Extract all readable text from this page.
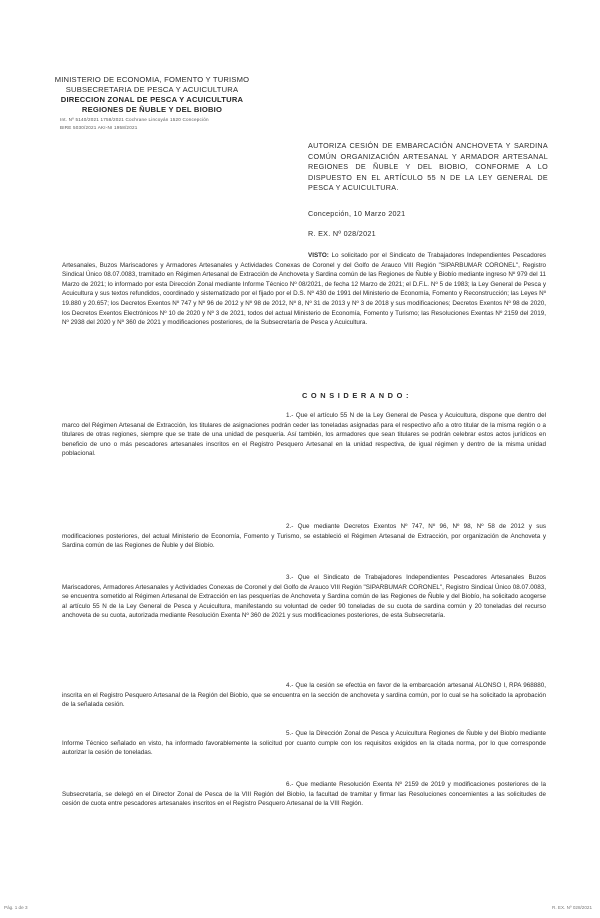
MINISTERIO DE ECONOMIA, FOMENTO Y TURISMO
SUBSECRETARIA DE PESCA Y ACUICULTURA
DIRECCION ZONAL DE PESCA Y ACUICULTURA
REGIONES DE ÑUBLE Y DEL BIOBIO
Int. Nº 5140/2021 1758/2021 Cochrane Lincoyán 1520 Concepción
BIRE 5030/2021 AKI-NI 1958/2021
AUTORIZA CESIÓN DE EMBARCACIÓN ANCHOVETA Y SARDINA COMÚN ORGANIZACIÓN ARTESANAL Y ARMADOR ARTESANAL REGIONES DE ÑUBLE Y DEL BIOBIO, CONFORME A LO DISPUESTO EN EL ARTÍCULO 55 N DE LA LEY GENERAL DE PESCA Y ACUICULTURA.
Concepción, 10 Marzo 2021
R. EX. Nº 028/2021
VISTO: Lo solicitado por el Sindicato de Trabajadores Independientes Pescadores Artesanales, Buzos Mariscadores y Armadores Artesanales y Actividades Conexas de Coronel y del Golfo de Arauco VIII Región "SIPARBUMAR CORONEL", Registro Sindical Único 08.07.0083, tramitado en Régimen Artesanal de Extracción de Anchoveta y Sardina común de las Regiones de Ñuble y Biobío mediante ingreso Nº 979 del 11 Marzo de 2021; lo informado por esta Dirección Zonal mediante Informe Técnico Nº 08/2021, de fecha 12 Marzo de 2021; el D.F.L. Nº 5 de 1983; la Ley General de Pesca y Acuicultura y sus textos refundidos, coordinado y sistematizado por el fijado por el D.S. Nº 430 de 1991 del Ministerio de Economía, Fomento y Reconstrucción; las Leyes Nº 19.880 y 20.657; los Decretos Exentos Nº 747 y Nº 96 de 2012 y Nº 98 de 2012, Nº 8, Nº 31 de 2013 y Nº 3 de 2018 y sus modificaciones; Decretos Exentos Nº 98 de 2020, los Decretos Exentos Electrónicos Nº 10 de 2020 y Nº 3 de 2021, todos del actual Ministerio de Economía, Fomento y Turismo; las Resoluciones Exentas Nº 2159 del 2019, Nº 2938 del 2020 y Nº 360 de 2021 y modificaciones posteriores, de la Subsecretaría de Pesca y Acuicultura.
CONSIDERANDO:
1.- Que el artículo 55 N de la Ley General de Pesca y Acuicultura, dispone que dentro del marco del Régimen Artesanal de Extracción, los titulares de asignaciones podrán ceder las toneladas asignadas para el respectivo año a otro titular de la misma región o a titulares de otras regiones, siempre que se trate de una unidad de pesquería. Así también, los armadores que sean titulares se podrán celebrar estos actos jurídicos en beneficio de uno o más pescadores artesanales inscritos en el Registro Pesquero Artesanal en la unidad respectiva, de igual régimen y dentro de la misma unidad poblacional.
2.- Que mediante Decretos Exentos Nº 747, Nº 96, Nº 98, Nº 58 de 2012 y sus modificaciones posteriores, del actual Ministerio de Economía, Fomento y Turismo, se estableció el Régimen Artesanal de Extracción, por organización de Anchoveta y Sardina común de las Regiones de Ñuble y del Biobío.
3.- Que el Sindicato de Trabajadores Independientes Pescadores Artesanales Buzos Mariscadores, Armadores Artesanales y Actividades Conexas de Coronel y del Golfo de Arauco VIII Región "SIPARBUMAR CORONEL", Registro Sindical Único 08.07.0083, se encuentra sometido al Régimen Artesanal de Extracción en las pesquerías de Anchoveta y Sardina común de las Regiones de Ñuble y del Biobío, ha solicitado acogerse al artículo 55 N de la Ley General de Pesca y Acuicultura, manifestando su voluntad de ceder 90 toneladas de su cuota de sardina común y 20 toneladas del recurso anchoveta de su cuota, autorizada mediante Resolución Exenta Nº 360 de 2021 y sus modificaciones posteriores, de esta Subsecretaría.
4.- Que la cesión se efectúa en favor de la embarcación artesanal ALONSO I, RPA 968880, inscrita en el Registro Pesquero Artesanal de la Región del Biobío, que se encuentra en la sección de anchoveta y sardina común, por lo cual se ha solicitado la aprobación de la señalada cesión.
5.- Que la Dirección Zonal de Pesca y Acuicultura Regiones de Ñuble y del Biobío mediante Informe Técnico señalado en visto, ha informado favorablemente la solicitud por cuanto cumple con los requisitos exigidos en la citada norma, por lo que corresponde autorizar la cesión de toneladas.
6.- Que mediante Resolución Exenta Nº 2159 de 2019 y modificaciones posteriores de la Subsecretaría, se delegó en el Director Zonal de Pesca de la VIII Región del Biobío, la facultad de tramitar y firmar las Resoluciones concernientes a las solicitudes de cesión de cuota entre pescadores artesanales inscritos en el Registro Pesquero Artesanal de la VIII Región.
Pág. 1 de 3	R. EX. Nº 028/2021
